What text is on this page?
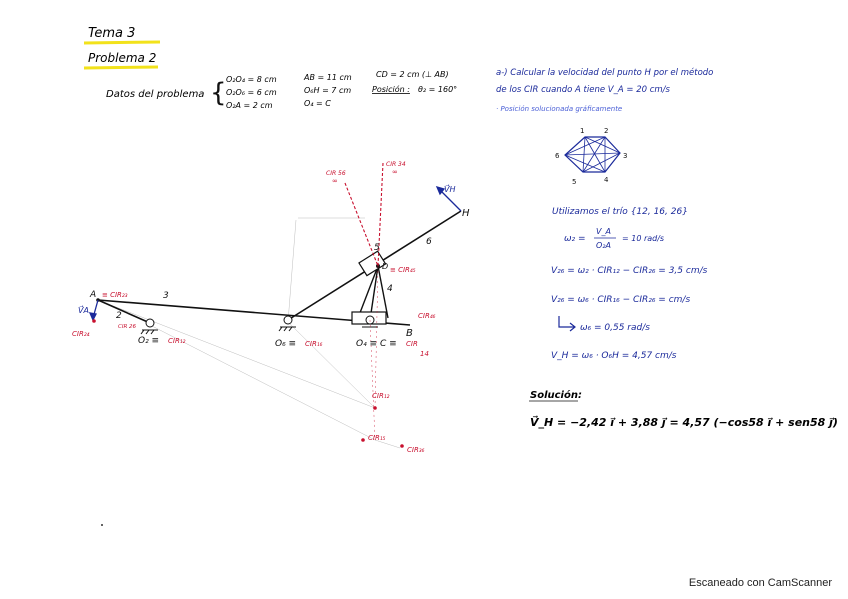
Tema 3
Problema 2
Datos del problema { O₂O₄ = 8 cm
O₂O₆ = 6 cm
O₂A = 2 cm
AB = 11 cm
O₆H = 7 cm
O₄ = C
CD = 2 cm (⊥ AB)
Posición : θ₂ = 160°
a-) Calcular la velocidad del punto H por el método
de los CIR cuando A tiene V_A = 20 cm/s
· Posición solucionada gráficamente
1	2
3
4
5
6
Utilizamos el trío {12, 16, 26}
ω₂ =
V_A
O₂A
= 10 rad/s
V₂₆ = ω₂ · CIR₁₂ − CIR₂₆ = 3,5 cm/s
V₂₆ = ω₆ · CIR₁₆ − CIR₂₆ = cm/s
ω₆ = 0,55 rad/s
V_H = ω₆ · O₆H = 4,57 cm/s
Solución:
V⃗_H = −2,42 i⃗ + 3,88 j⃗ = 4,57 (−cos58 i⃗ + sen58 j⃗)
A	3
2
5
4
6
H
B
D
O₂ ≡	O₆ ≡	O₄ ≡ C ≡
V⃗A
V⃗H
≡ CIR₂₃
CIR 26
CIR₂₄
CIR₁₂	CIR₁₆	CIR
14
≡ CIR₄₅
CIR₄₆
CIR 56
∞
CIR 34
∞
CIR₁₂
CIR₁₅
CIR₃₆
Escaneado con CamScanner
